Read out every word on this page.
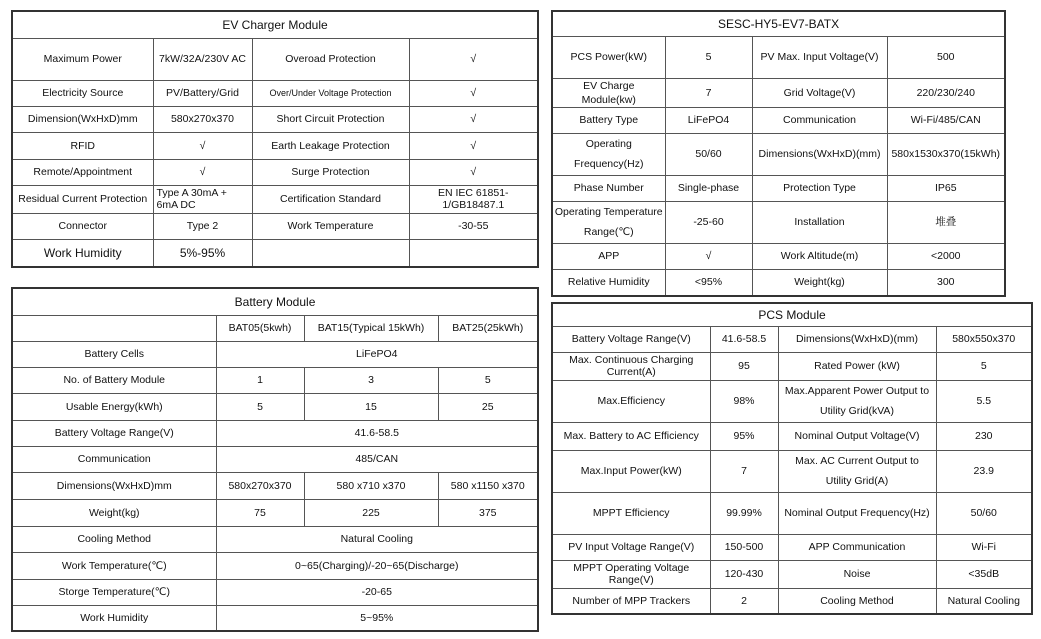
EV Charger Module			
Maximum Power	7kW/32A/230V AC	Overoad Protection	√
Electricity Source	PV/Battery/Grid	Over/Under Voltage Protection	√
Dimension(WxHxD)mm	580x270x370	Short Circuit Protection	√
RFID	√	Earth Leakage Protection	√
Remote/Appointment	√	Surge Protection	√
Residual Current Protection	Type A 30mA + 6mA DC	Certification Standard	EN IEC 61851-1/GB18487.1
Connector	Type 2	Work Temperature	-30-55
Work Humidity	5%-95%		
SESC-HY5-EV7-BATX			
PCS Power(kW)	5	PV Max. Input Voltage(V)	500
EV Charge Module(kw)	7	Grid Voltage(V)	220/230/240
Battery Type	LiFePO4	Communication	Wi-Fi/485/CAN
Operating Frequency(Hz)	50/60	Dimensions(WxHxD)(mm)	580x1530x370(15kWh)
Phase Number	Single-phase	Protection Type	IP65
Operating Temperature Range(℃)	-25-60	Installation	堆叠
APP	√	Work Altitude(m)	<2000
Relative Humidity	<95%	Weight(kg)	300
Battery Module			
	BAT05(5kwh)	BAT15(Typical 15kWh)	BAT25(25kWh)
Battery Cells	LiFePO4		
No. of Battery Module	1	3	5
Usable Energy(kWh)	5	15	25
Battery Voltage Range(V)	41.6-58.5		
Communication	485/CAN		
Dimensions(WxHxD)mm	580x270x370	580 x710 x370	580 x1150 x370
Weight(kg)	75	225	375
Cooling Method	Natural Cooling		
Work Temperature(℃)	0~65(Charging)/-20~65(Discharge)		
Storge Temperature(℃)	-20-65		
Work Humidity	5~95%		
PCS Module			
Battery Voltage Range(V)	41.6-58.5	Dimensions(WxHxD)(mm)	580x550x370
Max. Continuous Charging Current(A)	95	Rated Power (kW)	5
Max.Efficiency	98%	Max.Apparent Power Output to Utility Grid(kVA)	5.5
Max. Battery to AC Efficiency	95%	Nominal Output Voltage(V)	230
Max.Input Power(kW)	7	Max. AC Current Output to Utility Grid(A)	23.9
MPPT Efficiency	99.99%	Nominal Output Frequency(Hz)	50/60
PV Input Voltage Range(V)	150-500	APP Communication	Wi-Fi
MPPT Operating Voltage Range(V)	120-430	Noise	<35dB
Number of MPP Trackers	2	Cooling Method	Natural Cooling
